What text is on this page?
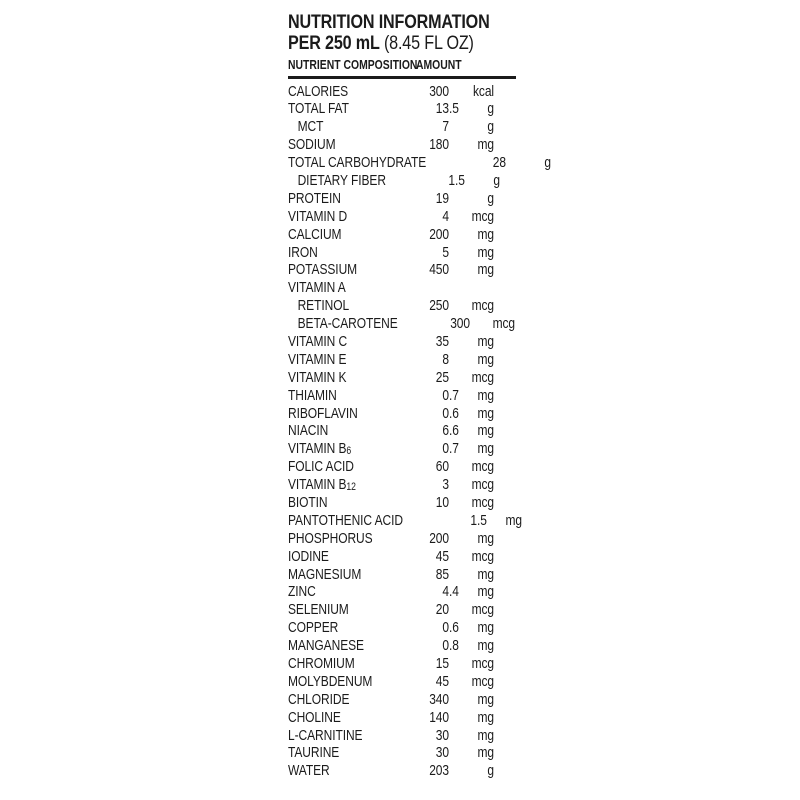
NUTRITION INFORMATION
PER 250 mL (8.45 FL OZ)
NUTRIENT COMPOSITION
AMOUNT
CALORIES	300 kcal
TOTAL FAT	13 .5	g
MCT	7	g
SODIUM	180	mg
TOTAL CARBOHYDRATE	28	g
DIETARY FIBER	1 .5	g
PROTEIN	19	g
VITAMIN D	4 mcg
CALCIUM	200	mg
IRON	5	mg
POTASSIUM	450	mg
VITAMIN A
RETINOL	250 mcg
BETA-CAROTENE	300 mcg
VITAMIN C	35	mg
VITAMIN E	8	mg
VITAMIN K	25 mcg
THIAMIN	0 .7	mg
RIBOFLAVIN	0 .6	mg
NIACIN	6 .6	mg
VITAMIN $B_6$	0 .7	mg
FOLIC ACID	60 mcg
VITAMIN $B_{12}$	3 mcg
BIOTIN	10 mcg
PANTOTHENIC ACID	1 .5	mg
PHOSPHORUS	200	mg
IODINE	45 mcg
MAGNESIUM	85	mg
ZINC	4 .4	mg
SELENIUM	20 mcg
COPPER	0 .6	mg
MANGANESE	0 .8	mg
CHROMIUM	15 mcg
MOLYBDENUM	45 mcg
CHLORIDE	340	mg
CHOLINE	140	mg
L-CARNITINE	30	mg
TAURINE	30	mg
WATER	203	g
